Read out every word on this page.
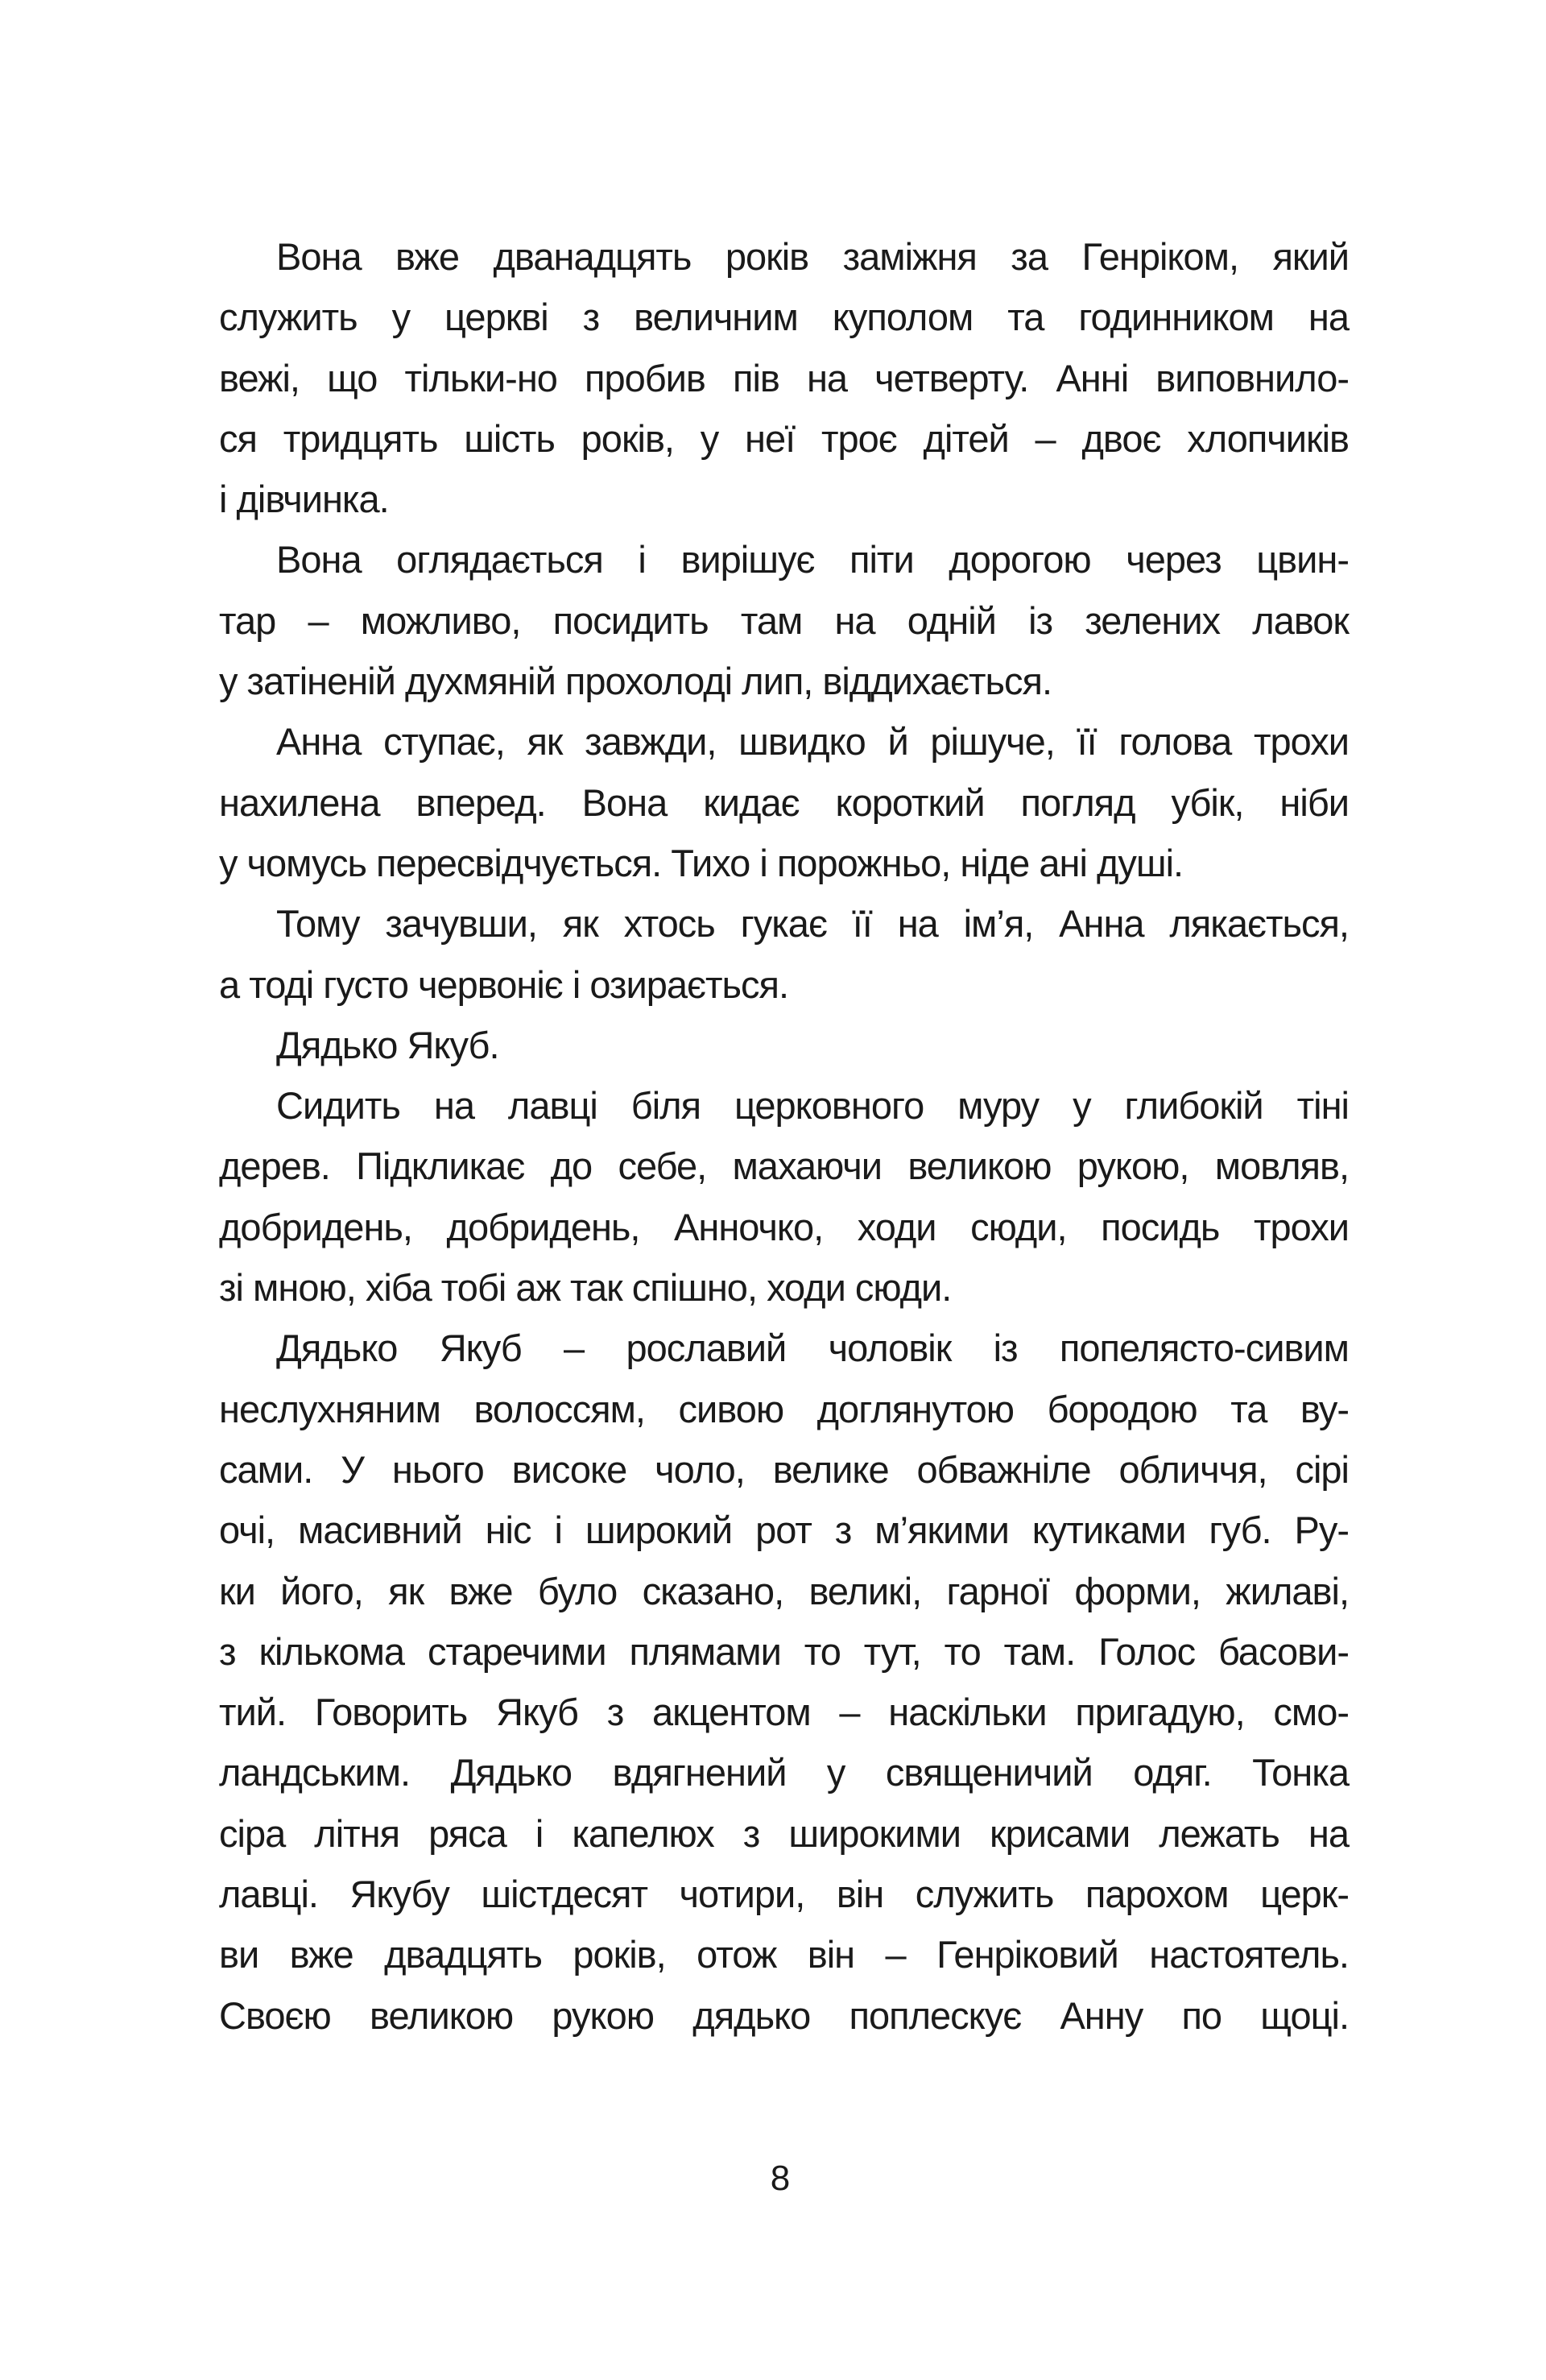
Вона вже дванадцять років заміжня за Генріком, який
служить у церкві з величним куполом та годинником на
вежі, що тільки-но пробив пів на четверту. Анні виповнило-
ся тридцять шість років, у неї троє дітей – двоє хлопчиків
і дівчинка.
Вона оглядається і вирішує піти дорогою через цвин-
тар – можливо, посидить там на одній із зелених лавок
у затіненій духмяній прохолоді лип, віддихається.
Анна ступає, як завжди, швидко й рішуче, її голова трохи
нахилена вперед. Вона кидає короткий погляд убік, ніби
у чомусь пересвідчується. Тихо і порожньо, ніде ані душі.
Тому зачувши, як хтось гукає її на ім’я, Анна лякається,
а тоді густо червоніє і озирається.
Дядько Якуб.
Сидить на лавці біля церковного муру у глибокій тіні
дерев. Підкликає до себе, махаючи великою рукою, мовляв,
добридень, добридень, Анночко, ходи сюди, посидь трохи
зі мною, хіба тобі аж так спішно, ходи сюди.
Дядько Якуб – рославий чоловік із попелясто-сивим
неслухняним волоссям, сивою доглянутою бородою та ву-
сами. У нього високе чоло, велике обважніле обличчя, сірі
очі, масивний ніс і широкий рот з м’якими кутиками губ. Ру-
ки його, як вже було сказано, великі, гарної форми, жилаві,
з кількома старечими плямами то тут, то там. Голос басови-
тий. Говорить Якуб з акцентом – наскільки пригадую, смо-
ландським. Дядько вдягнений у священичий одяг. Тонка
сіра літня ряса і капелюх з широкими крисами лежать на
лавці. Якубу шістдесят чотири, він служить парохом церк-
ви вже двадцять років, отож він – Генріковий настоятель.
Своєю великою рукою дядько поплескує Анну по щоці.
8
